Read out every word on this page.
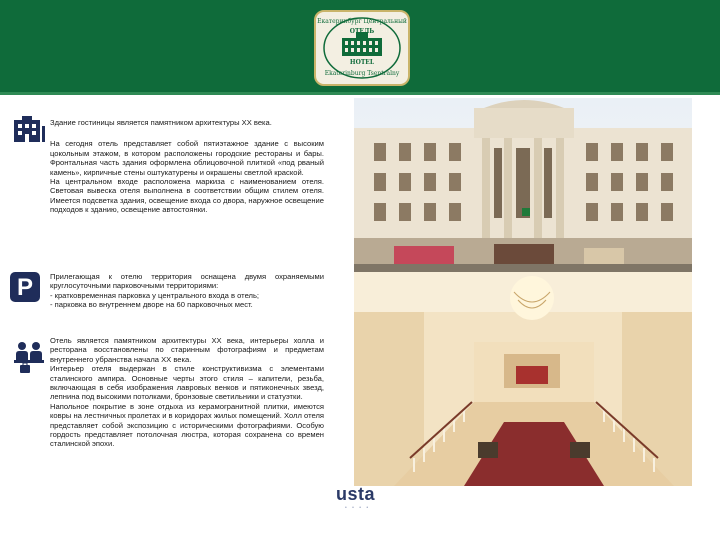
Екатеринбург Центральный
ОТЕЛЬ
HOTEL
Ekaterinburg Tsentralny

Здание гостиницы является памятником архитектуры XX века.

На сегодня отель представляет собой пятиэтажное здание с высоким цокольным этажом, в котором расположены городские рестораны и бары. Фронтальная часть здания оформлена облицовочной плиткой «под рваный камень», кирпичные стены оштукатурены и окрашены светлой краской.

На центральном входе расположена маркиза с наименованием отеля. Световая вывеска отеля выполнена в соответствии общим стилем отеля. Имеется подсветка здания, освещение входа со двора, наружное освещение подходов к зданию, освещение автостоянки.

P	Прилегающая к отелю территория оснащена двумя охраняемыми круглосуточными парковочными территориями:

- кратковременная парковка у центрального входа в отель;

- парковка во внутреннем дворе на 60 парковочных мест.

Отель является памятником архитектуры XX века, интерьеры холла и ресторана восстановлены по старинным фотографиям и предметам внутреннего убранства начала XX века.

Интерьер отеля выдержан в стиле конструктивизма с элементами сталинского ампира. Основные черты этого стиля – капители, резьба, включающая в себя изображения лавровых венков и пятиконечных звезд, лепнина под высокими потолками, бронзовые светильники и статуэтки.

Напольное покрытие в зоне отдыха из керамогранитной плитки, имеются ковры на лестничных пролетах и в коридорах жилых помещений. Холл отеля представляет собой экспозицию с историческими фотографиями. Особую гордость представляет потолочная люстра, которая сохранена со времен сталинской эпохи.

usta
• • • •
